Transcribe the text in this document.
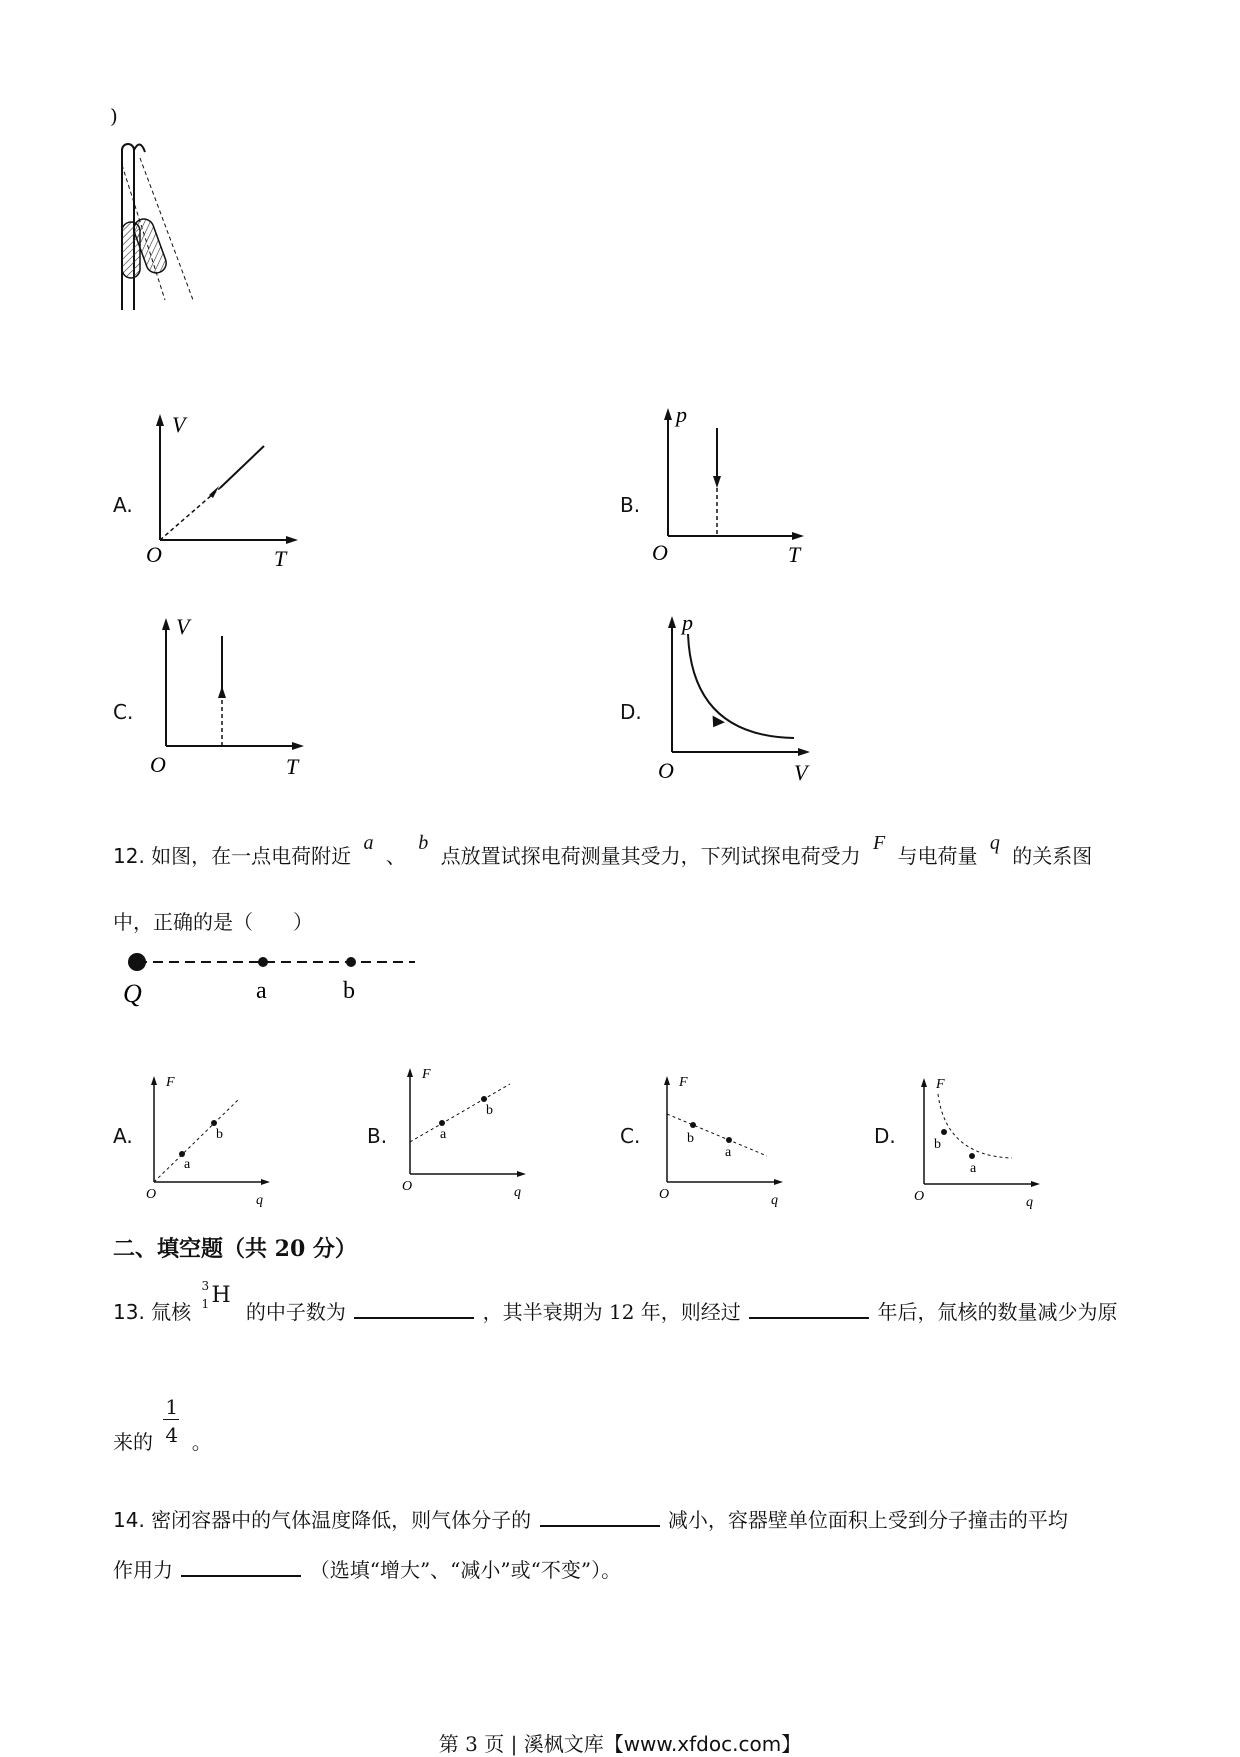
)
A.
V
O	T
B.
p
O	T
C.
V
O	T
D.
p
O	V
12. 如图，在一点电荷附近 a 、 b 点放置试探电荷测量其受力，下列试探电荷受力 F 与电荷量 q 的关系图
中，正确的是（　　）
Q	a	b
A.
a
b
F
O	q
B.	a
b
F
O	q
C.	b
a
F
O	q
D.	b
a
F
O	q
二、填空题（共 20 分）
13. 氚核
3
1 H
的中子数为	，其半衰期为 12 年，则经过	年后，氚核的数量减少为原
来的 $\frac{1}{4}$ 。
14. 密闭容器中的气体温度降低，则气体分子的	减小，容器壁单位面积上受到分子撞击的平均
作用力	（选填“增大”、“减小”或“不变”）。
第 3 页 | 溪枫文库【www.xfdoc.com】
